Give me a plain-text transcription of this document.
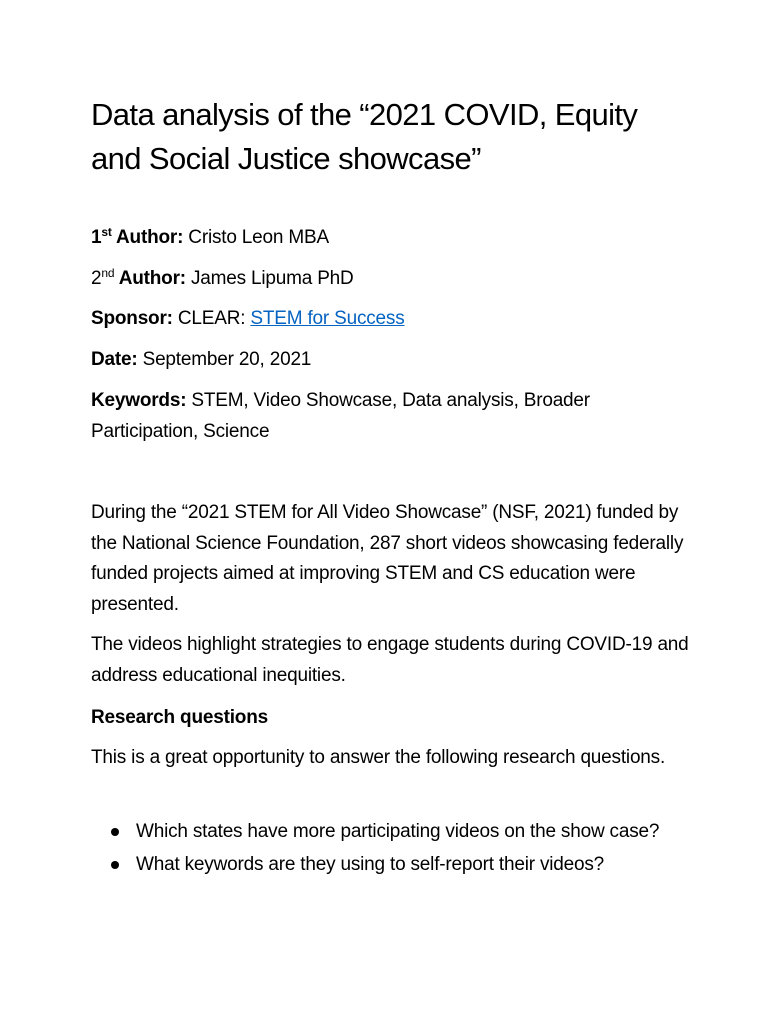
Data analysis of the “2021 COVID, Equity and Social Justice showcase”

1st Author: Cristo Leon MBA

2nd Author: James Lipuma PhD

Sponsor: CLEAR: STEM for Success

Date: September 20, 2021

Keywords: STEM, Video Showcase, Data analysis, Broader

Participation, Science

During the “2021 STEM for All Video Showcase” (NSF, 2021) funded by the National Science Foundation, 287 short videos showcasing federally funded projects aimed at improving STEM and CS education were presented.

The videos highlight strategies to engage students during COVID-19 and address educational inequities.

Research questions

This is a great opportunity to answer the following research questions.

Which states have more participating videos on the show case?
What keywords are they using to self-report their videos?
